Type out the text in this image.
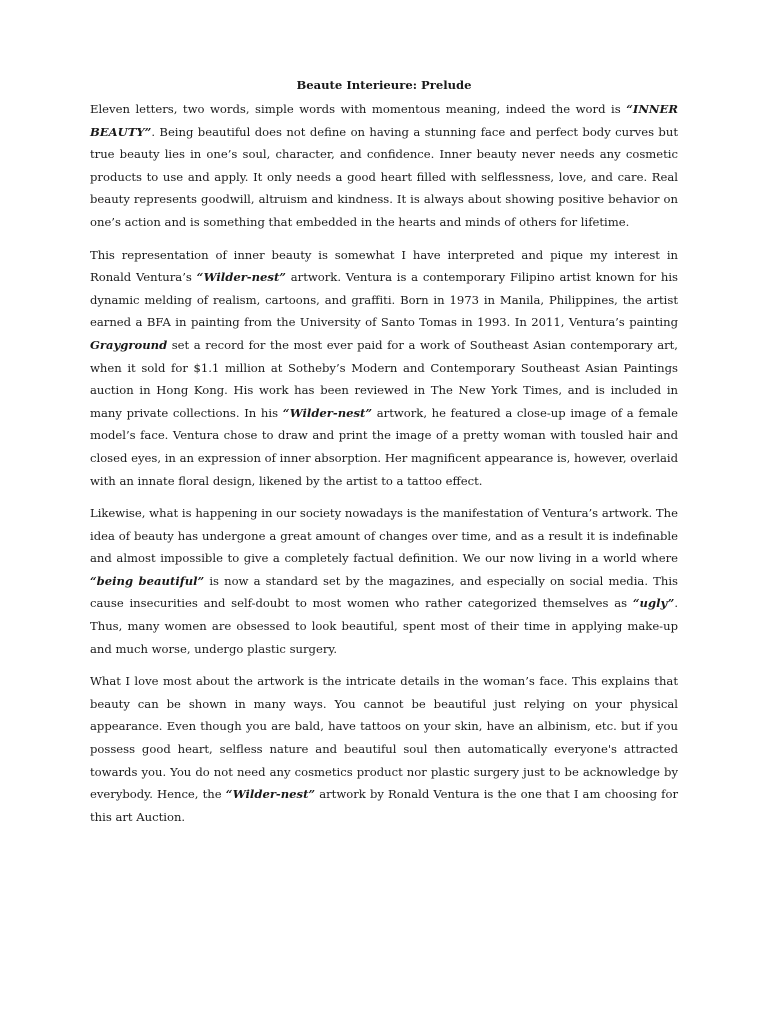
Beaute Interieure: Prelude

Eleven letters, two words, simple words with momentous meaning, indeed the word is “INNER BEAUTY”. Being beautiful does not define on having a stunning face and perfect body curves but true beauty lies in one’s soul, character, and confidence. Inner beauty never needs any cosmetic products to use and apply. It only needs a good heart filled with selflessness, love, and care. Real beauty represents goodwill, altruism and kindness. It is always about showing positive behavior on one’s action and is something that embedded in the hearts and minds of others for lifetime.

This representation of inner beauty is somewhat I have interpreted and pique my interest in Ronald Ventura’s “Wilder-nest” artwork. Ventura is a contemporary Filipino artist known for his dynamic melding of realism, cartoons, and graffiti. Born in 1973 in Manila, Philippines, the artist earned a BFA in painting from the University of Santo Tomas in 1993. In 2011, Ventura’s painting Grayground set a record for the most ever paid for a work of Southeast Asian contemporary art, when it sold for $1.1 million at Sotheby’s Modern and Contemporary Southeast Asian Paintings auction in Hong Kong. His work has been reviewed in The New York Times, and is included in many private collections. In his “Wilder-nest” artwork, he featured a close-up image of a female model’s face. Ventura chose to draw and print the image of a pretty woman with tousled hair and closed eyes, in an expression of inner absorption. Her magnificent appearance is, however, overlaid with an innate floral design, likened by the artist to a tattoo effect.

Likewise, what is happening in our society nowadays is the manifestation of Ventura’s artwork. The idea of beauty has undergone a great amount of changes over time, and as a result it is indefinable and almost impossible to give a completely factual definition. We our now living in a world where “being beautiful” is now a standard set by the magazines, and especially on social media. This cause insecurities and self-doubt to most women who rather categorized themselves as “ugly”. Thus, many women are obsessed to look beautiful, spent most of their time in applying make-up and much worse, undergo plastic surgery.

What I love most about the artwork is the intricate details in the woman’s face. This explains that beauty can be shown in many ways. You cannot be beautiful just relying on your physical appearance. Even though you are bald, have tattoos on your skin, have an albinism, etc. but if you possess good heart, selfless nature and beautiful soul then automatically everyone's attracted towards you. You do not need any cosmetics product nor plastic surgery just to be acknowledge by everybody. Hence, the “Wilder-nest” artwork by Ronald Ventura is the one that I am choosing for this art Auction.
